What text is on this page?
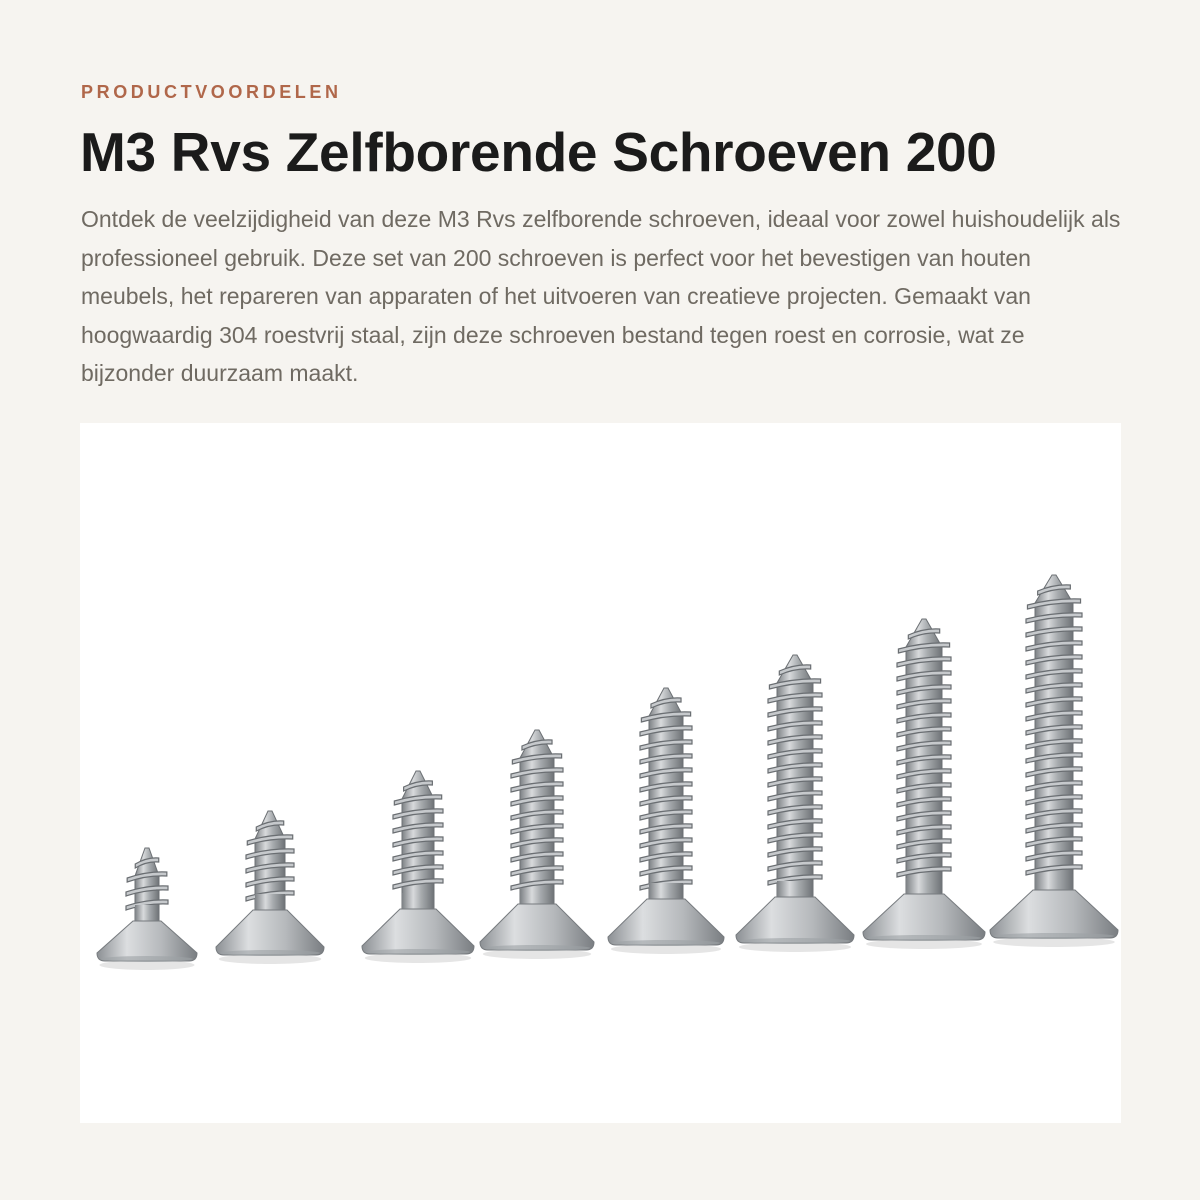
PRODUCTVOORDELEN
M3 Rvs Zelfborende Schroeven 200

Ontdek de veelzijdigheid van deze M3 Rvs zelfborende schroeven, ideaal voor zowel huishoudelijk als professioneel gebruik. Deze set van 200 schroeven is perfect voor het bevestigen van houten meubels, het repareren van apparaten of het uitvoeren van creatieve projecten. Gemaakt van hoogwaardig 304 roestvrij staal, zijn deze schroeven bestand tegen roest en corrosie, wat ze bijzonder duurzaam maakt.
